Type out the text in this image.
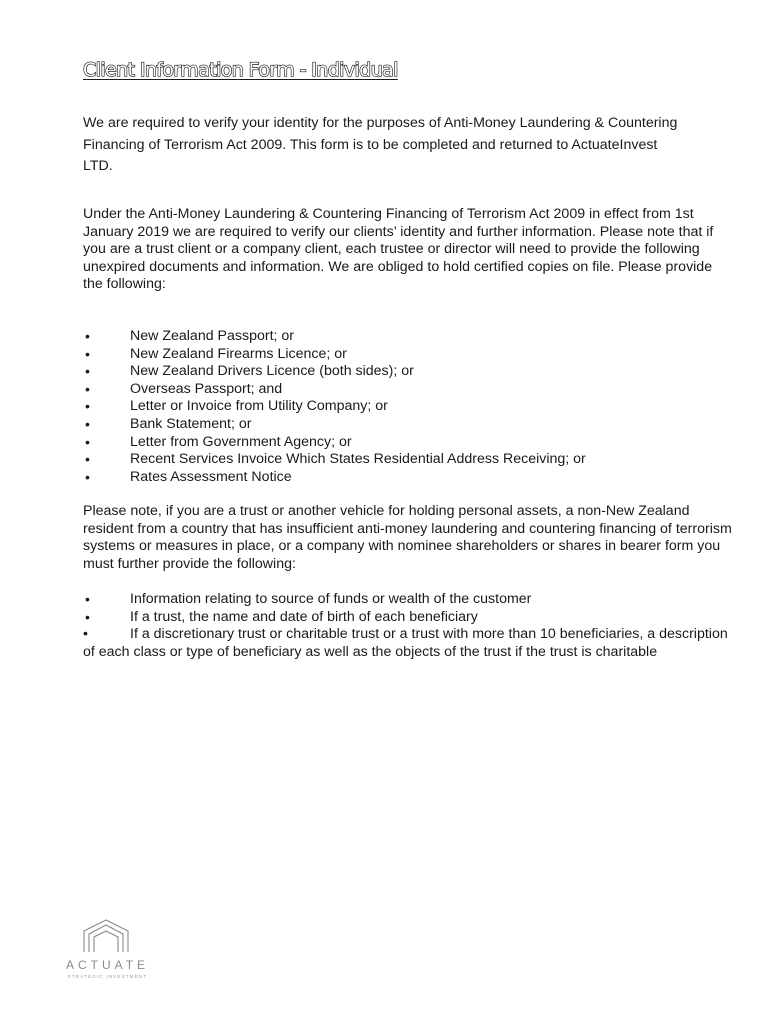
Client Information Form - Individual

We are required to verify your identity for the purposes of Anti-Money Laundering & Countering Financing of Terrorism Act 2009. This form is to be completed and returned to ActuateInvest LTD.

Under the Anti-Money Laundering & Countering Financing of Terrorism Act 2009 in effect from 1st January 2019 we are required to verify our clients’ identity and further information. Please note that if you are a trust client or a company client, each trustee or director will need to provide the following unexpired documents and information. We are obliged to hold certified copies on file. Please provide the following:

• New Zealand Passport; or
• New Zealand Firearms Licence; or
• New Zealand Drivers Licence (both sides); or
• Overseas Passport; and
• Letter or Invoice from Utility Company; or
• Bank Statement; or
• Letter from Government Agency; or
• Recent Services Invoice Which States Residential Address Receiving; or
• Rates Assessment Notice

Please note, if you are a trust or another vehicle for holding personal assets, a non-New Zealand resident from a country that has insufficient anti-money laundering and countering financing of terrorism systems or measures in place, or a company with nominee shareholders or shares in bearer form you must further provide the following:

• Information relating to source of funds or wealth of the customer
• If a trust, the name and date of birth of each beneficiary

•	If a discretionary trust or charitable trust or a trust with more than 10 beneficiaries, a description of each class or type of beneficiary as well as the objects of the trust if the trust is charitable

ACTUATE
STRATEGIC INVESTMENT
